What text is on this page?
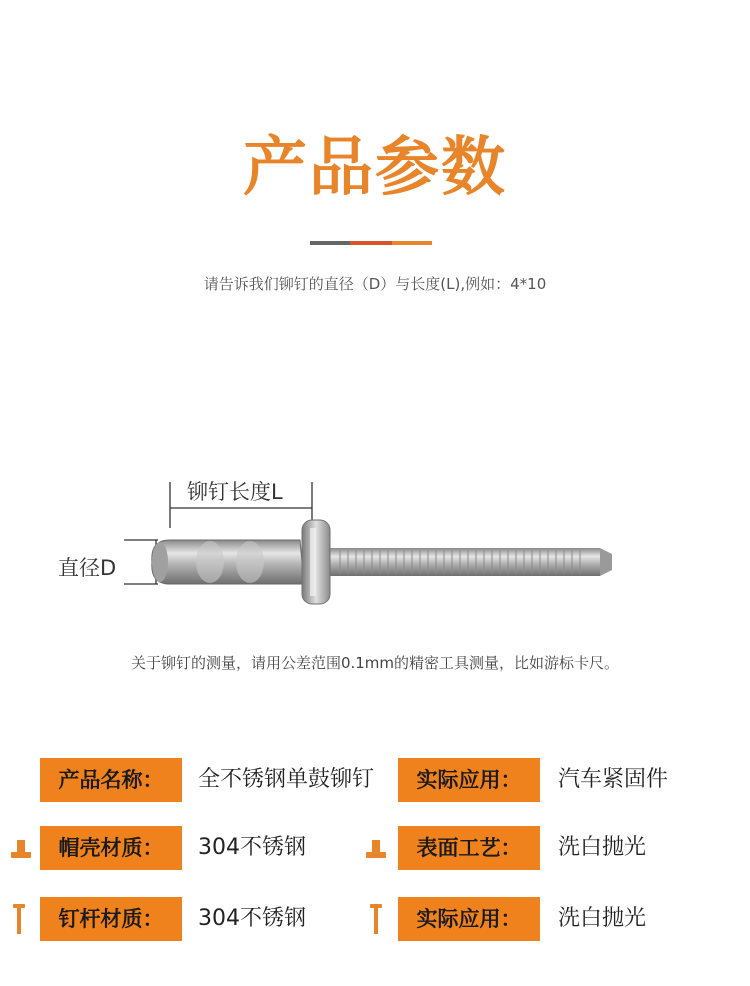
产品参数
请告诉我们铆钉的直径（D）与长度(L),例如：4*10
铆钉长度L
直径D
关于铆钉的测量，请用公差范围0.1mm的精密工具测量，比如游标卡尺。
产品名称：	全不锈钢单鼓铆钉	实际应用：	汽车紧固件
帽壳材质：	304不锈钢	表面工艺：	洗白抛光
钉杆材质：	304不锈钢	实际应用：	洗白抛光
